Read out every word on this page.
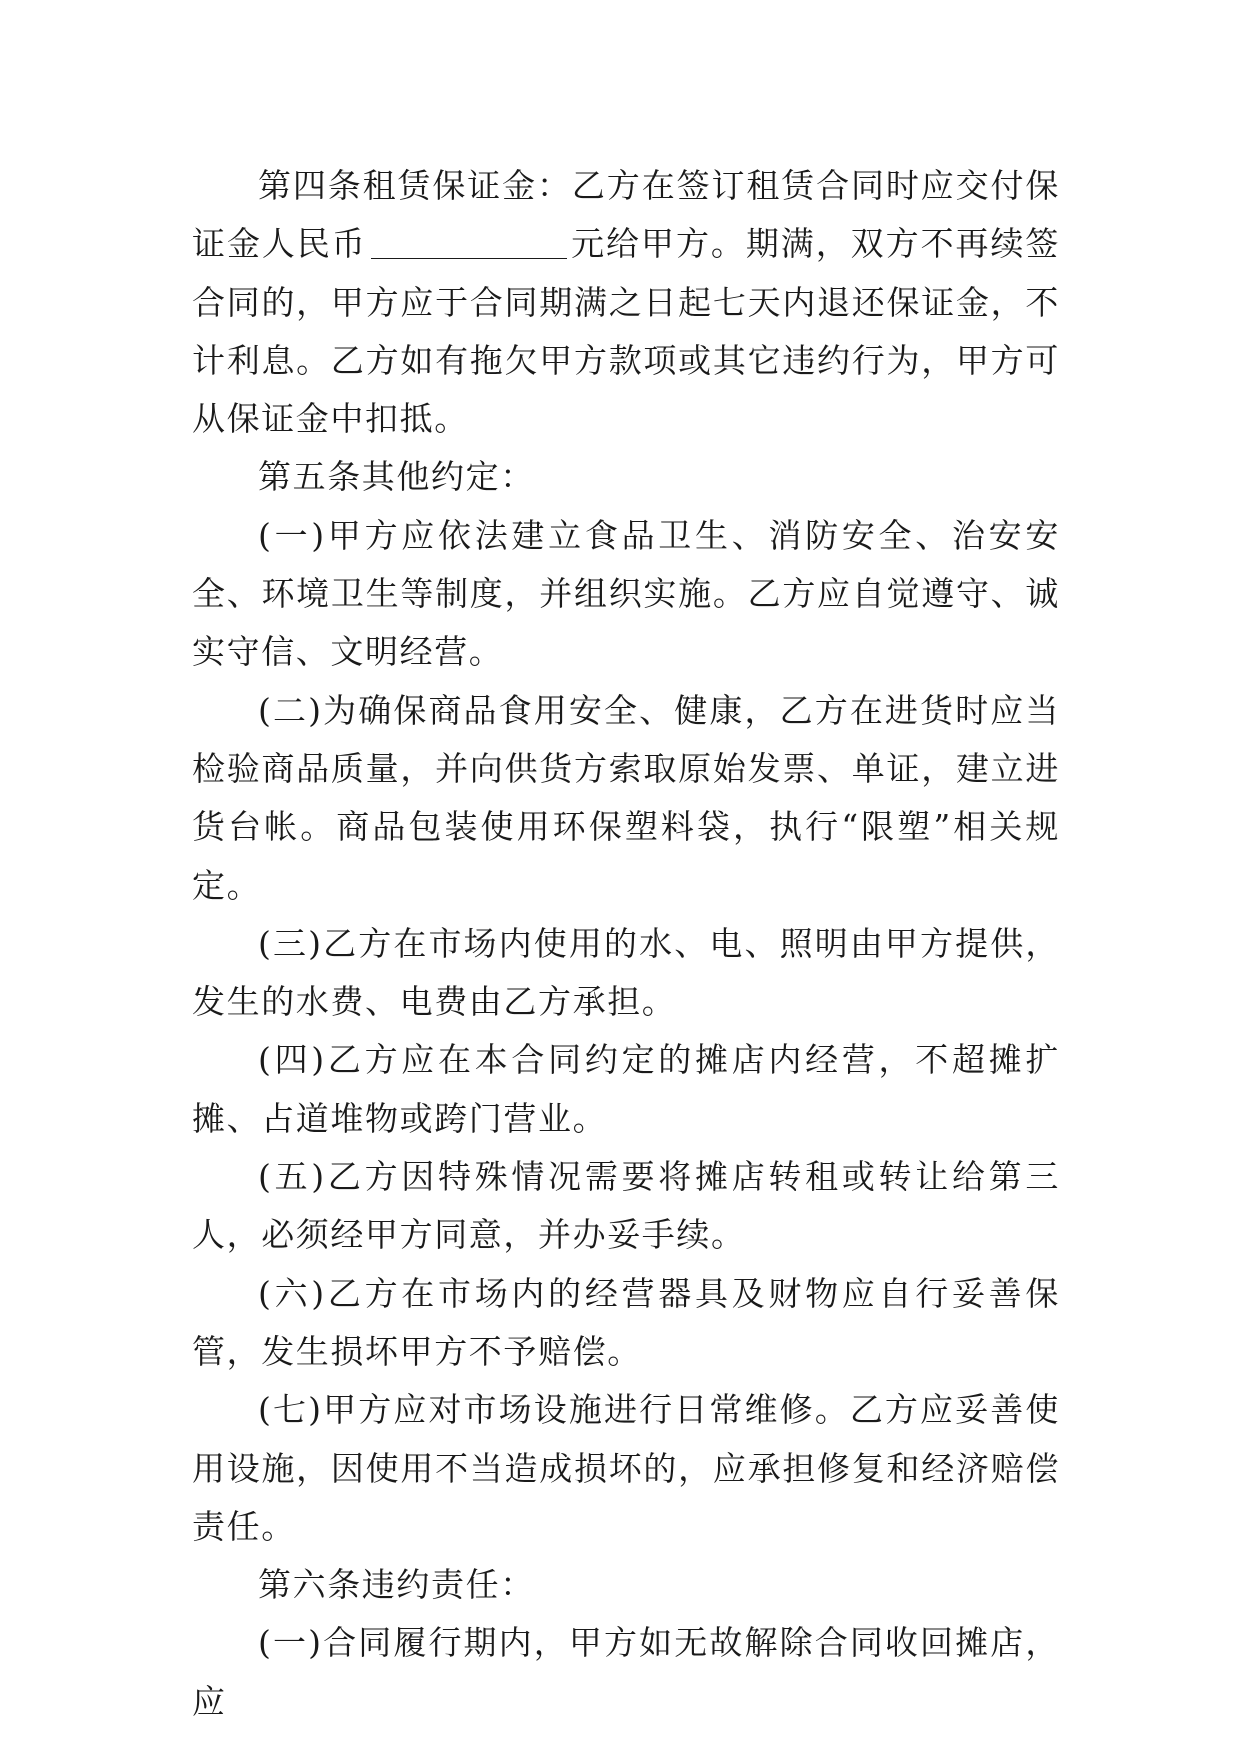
第四条租赁保证金：乙方在签订租赁合同时应交付保证金人民币	元给甲方。期满，双方不再续签合同的，甲方应于合同期满之日起七天内退还保证金，不计利息。乙方如有拖欠甲方款项或其它违约行为，甲方可从保证金中扣抵。

第五条其他约定：

(一)甲方应依法建立食品卫生、消防安全、治安安全、环境卫生等制度，并组织实施。乙方应自觉遵守、诚实守信、文明经营。

(二)为确保商品食用安全、健康，乙方在进货时应当检验商品质量，并向供货方索取原始发票、单证，建立进货台帐。商品包装使用环保塑料袋，执行“限塑”相关规定。

(三)乙方在市场内使用的水、电、照明由甲方提供，发生的水费、电费由乙方承担。

(四)乙方应在本合同约定的摊店内经营，不超摊扩摊、占道堆物或跨门营业。

(五)乙方因特殊情况需要将摊店转租或转让给第三人，必须经甲方同意，并办妥手续。

(六)乙方在市场内的经营器具及财物应自行妥善保管，发生损坏甲方不予赔偿。

(七)甲方应对市场设施进行日常维修。乙方应妥善使用设施，因使用不当造成损坏的，应承担修复和经济赔偿责任。

第六条违约责任：

(一)合同履行期内，甲方如无故解除合同收回摊店，应
